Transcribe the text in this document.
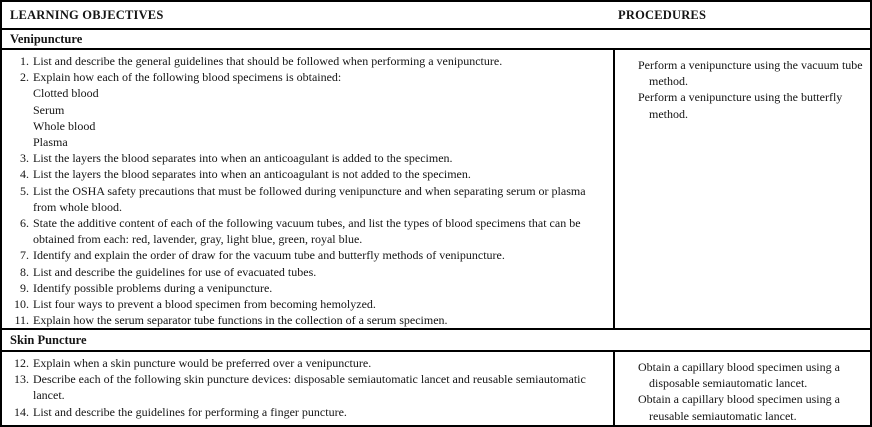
LEARNING OBJECTIVES	PROCEDURES
Venipuncture
1. List and describe the general guidelines that should be followed when performing a venipuncture.
2. Explain how each of the following blood specimens is obtained:
Clotted blood
Serum
Whole blood
Plasma
3. List the layers the blood separates into when an anticoagulant is added to the specimen.
4. List the layers the blood separates into when an anticoagulant is not added to the specimen.
5. List the OSHA safety precautions that must be followed during venipuncture and when separating serum or plasma from whole blood.
6. State the additive content of each of the following vacuum tubes, and list the types of blood specimens that can be obtained from each: red, lavender, gray, light blue, green, royal blue.
7. Identify and explain the order of draw for the vacuum tube and butterfly methods of venipuncture.
8. List and describe the guidelines for use of evacuated tubes.
9. Identify possible problems during a venipuncture.
10. List four ways to prevent a blood specimen from becoming hemolyzed.
11. Explain how the serum separator tube functions in the collection of a serum specimen.
Perform a venipuncture using the vacuum tube method.
Perform a venipuncture using the butterfly method.
Skin Puncture
12. Explain when a skin puncture would be preferred over a venipuncture.
13. Describe each of the following skin puncture devices: disposable semiautomatic lancet and reusable semiautomatic lancet.
14. List and describe the guidelines for performing a finger puncture.
Obtain a capillary blood specimen using a disposable semiautomatic lancet.
Obtain a capillary blood specimen using a reusable semiautomatic lancet.
